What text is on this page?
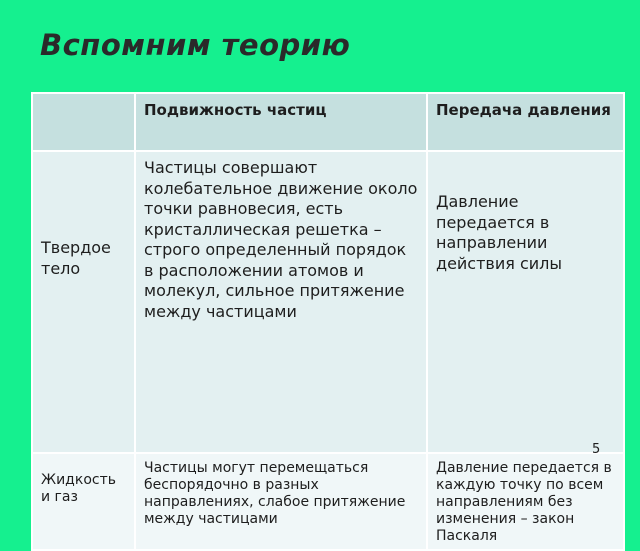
Вспомним теорию

	Подвижность частиц	Передача давления

Твердое тело	Частицы совершают колебательное движение около точки равновесия, есть кристаллическая решетка – строго определенный порядок в расположении атомов и молекул, сильное притяжение между частицами	Давление передается в направлении действия силы

Жидкость и газ	Частицы могут перемещаться беспорядочно в разных направлениях, слабое притяжение между частицами	Давление передается в каждую точку по всем направлениям без изменения – закон Паскаля
5
